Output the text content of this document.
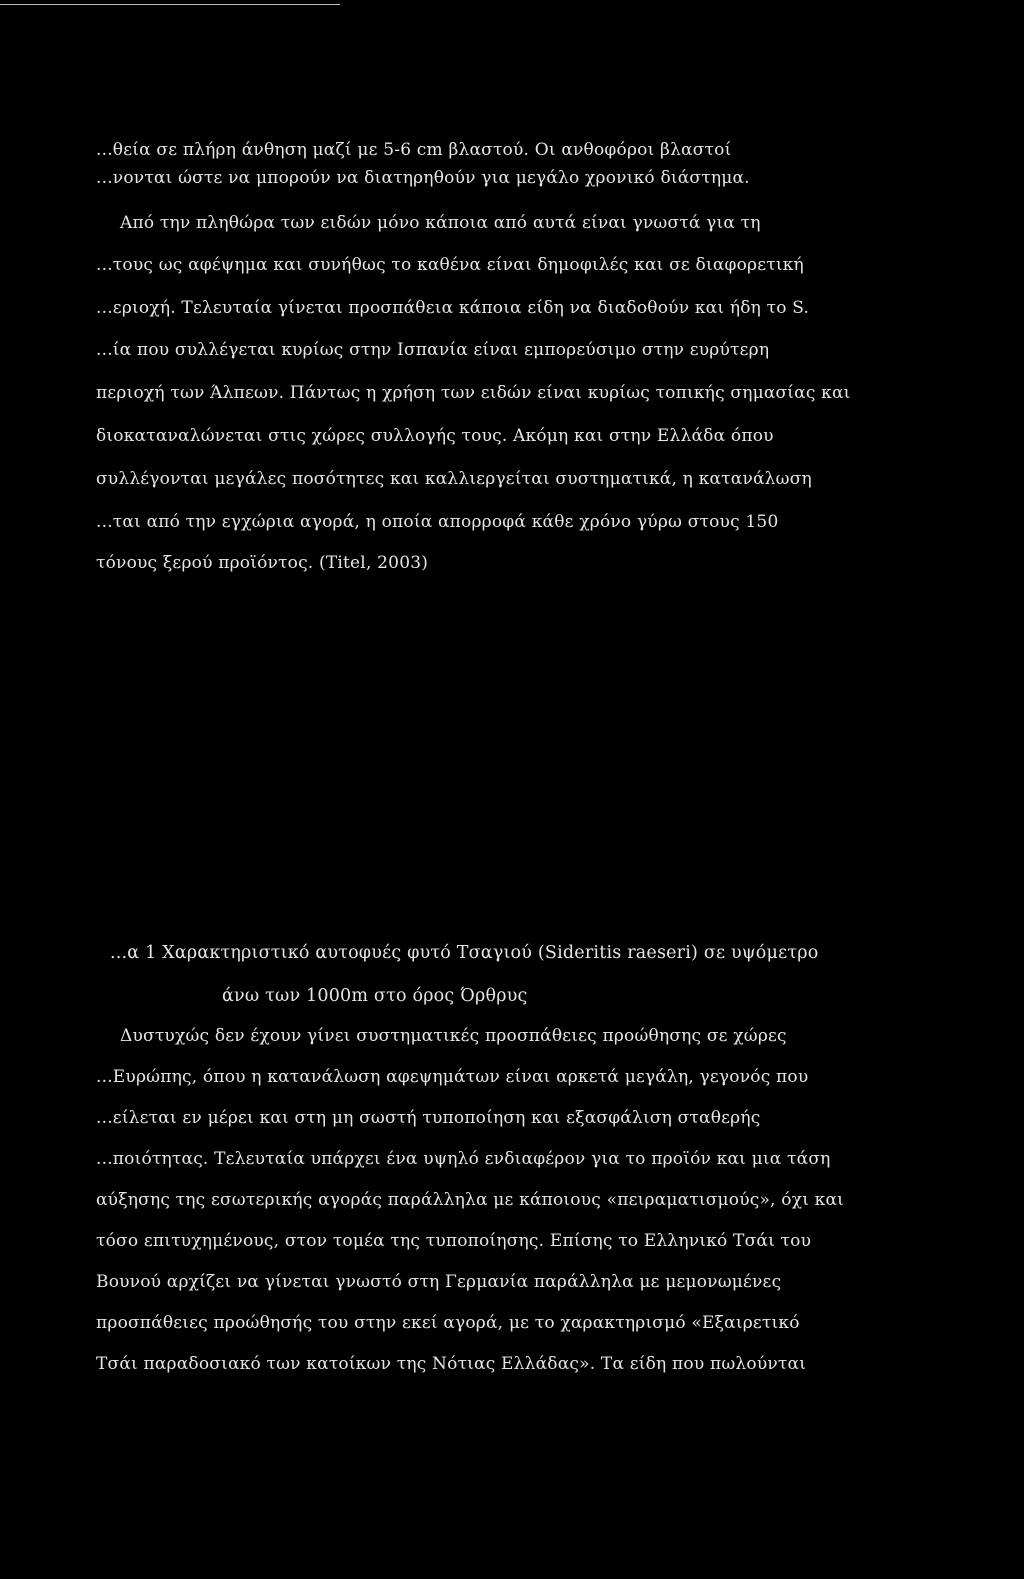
...θεία σε πλήρη άνθηση μαζί με 5-6 cm βλαστού. Οι ανθοφόροι βλαστοί
...νονται ώστε να μπορούν να διατηρηθούν για μεγάλο χρονικό διάστημα.
Από την πληθώρα των ειδών μόνο κάποια από αυτά είναι γνωστά για τη
...τους ως αφέψημα και συνήθως το καθένα είναι δημοφιλές και σε διαφορετική
...εριοχή. Τελευταία γίνεται προσπάθεια κάποια είδη να διαδοθούν και ήδη το S.
...ία που συλλέγεται κυρίως στην Ισπανία είναι εμπορεύσιμο στην ευρύτερη
περιοχή των Άλπεων. Πάντως η χρήση των ειδών είναι κυρίως τοπικής σημασίας και
διοκαταναλώνεται στις χώρες συλλογής τους. Ακόμη και στην Ελλάδα όπου
συλλέγονται μεγάλες ποσότητες και καλλιεργείται συστηματικά, η κατανάλωση
...ται από την εγχώρια αγορά, η οποία απορροφά κάθε χρόνο γύρω στους 150
τόνους ξερού προϊόντος. (Titel, 2003)
...α 1 Χαρακτηριστικό αυτοφυές φυτό Τσαγιού (Sideritis raeseri) σε υψόμετρο
άνω των 1000m στο όρος Όρθρυς
Δυστυχώς δεν έχουν γίνει συστηματικές προσπάθειες προώθησης σε χώρες
...Ευρώπης, όπου η κατανάλωση αφεψημάτων είναι αρκετά μεγάλη, γεγονός που
...είλεται εν μέρει και στη μη σωστή τυποποίηση και εξασφάλιση σταθερής
...ποιότητας. Τελευταία υπάρχει ένα υψηλό ενδιαφέρον για το προϊόν και μια τάση
αύξησης της εσωτερικής αγοράς παράλληλα με κάποιους «πειραματισμούς», όχι και
τόσο επιτυχημένους, στον τομέα της τυποποίησης. Επίσης το Ελληνικό Τσάι του
Βουνού αρχίζει να γίνεται γνωστό στη Γερμανία παράλληλα με μεμονωμένες
προσπάθειες προώθησής του στην εκεί αγορά, με το χαρακτηρισμό «Εξαιρετικό
Τσάι παραδοσιακό των κατοίκων της Νότιας Ελλάδας». Τα είδη που πωλούνται
